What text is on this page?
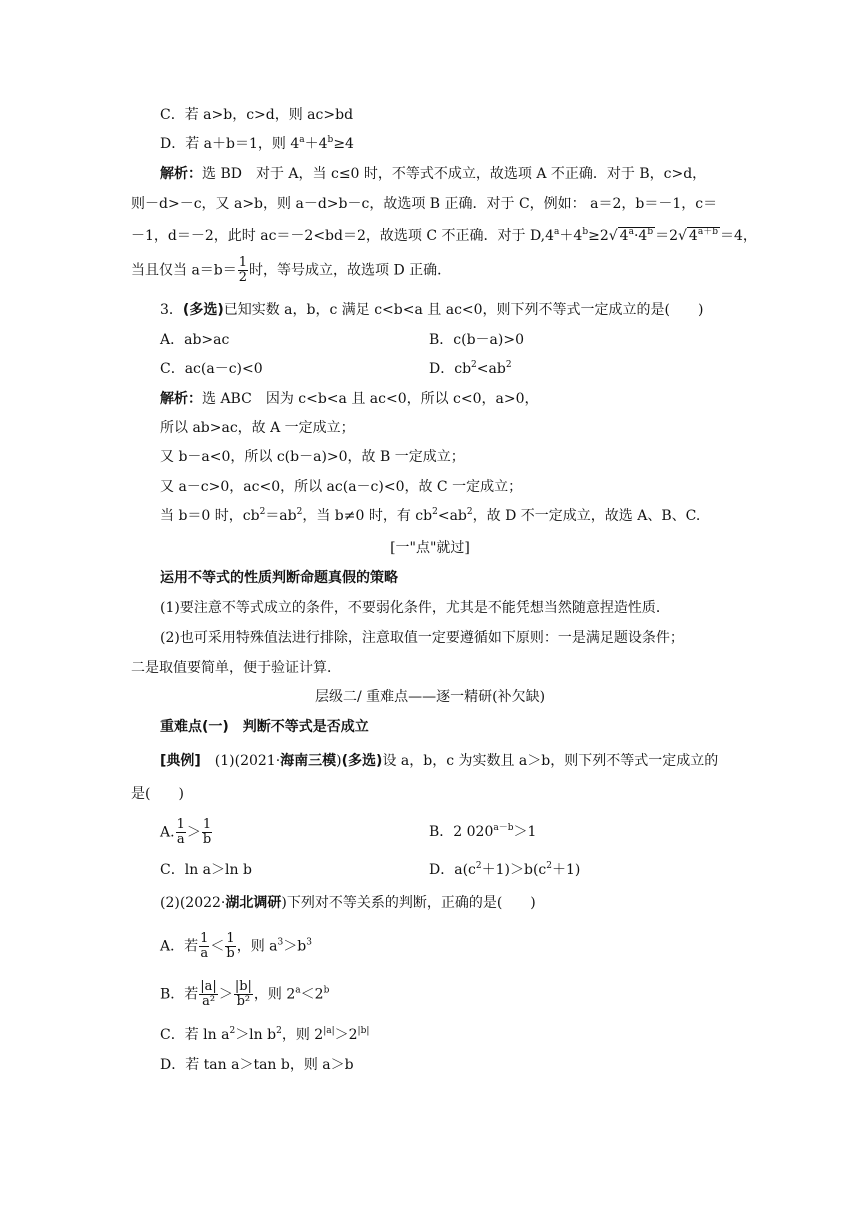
C．若 a>b，c>d，则 ac>bd
D．若 a＋b＝1，则 $4^a+4^b\ge 4$
解析：选 BD　对于 A，当 c≤0 时，不等式不成立，故选项 A 不正确．对于 B，c>d，
则－d>－c，又 a>b，则 a－d>b－c，故选项 B 正确．对于 C，例如： a＝2，b＝－1，c＝
－1，d＝－2，此时 ac＝－2<bd＝2，故选项 C 不正确．对于 $D,4^a+4^b\ge 2√$ $4^a\cdot 4^b =2√$ $4^{a+b} =4$，
当且仅当 $a=b= \frac{1}{2}$ 时，等号成立，故选项 D 正确．
3．(多选)已知实数 a，b，c 满足 c<b<a 且 ac<0，则下列不等式一定成立的是(　　)
A．ab>ac	B．c(b－a)>0
C．ac(a－c)<0	D．$cb^2<ab^2$
解析：选 ABC　因为 c<b<a 且 ac<0，所以 c<0，a>0，
所以 ab>ac，故 A 一定成立；
又 b－a<0，所以 c(b－a)>0，故 B 一定成立；
又 a－c>0，ac<0，所以 ac(a－c)<0，故 C 一定成立；
当 b＝0 时，$cb^2=ab^2$，当 b≠0 时，有 $cb^2<ab^2$，故 D 不一定成立，故选 A、B、C.
[一"点"就过]
运用不等式的性质判断命题真假的策略
(1)要注意不等式成立的条件，不要弱化条件，尤其是不能凭想当然随意捏造性质．
(2)也可采用特殊值法进行排除，注意取值一定要遵循如下原则：一是满足题设条件；
二是取值要简单，便于验证计算．
层级二/ 重难点——逐一精研(补欠缺)
重难点(一)　判断不等式是否成立
[典例]　(1)(2021·海南三模)(多选)设 a，b，c 为实数且 a＞b，则下列不等式一定成立的
是(　　)
A. $\frac{1}{a} > \frac{1}{b}$	B．2 $020^{a-b}>1$
C．ln a＞ln b	D．$a(c^2+1)>b(c^2+1)$
(2)(2022·湖北调研)下列对不等关系的判断，正确的是(　　)
A．若 $\frac{1}{a} < \frac{1}{b}$ ，则 $a^3>b^3$
B．若 $\frac{|a|}{\text{a²}} > \frac{|b|}{\text{b²}}$ ，则 $2^a<2^b$
C．若 $\ln a^2>\ln$ $b^2$，则 $2^{|a|}>2^{|b|}$
D．若 tan a＞tan b，则 a＞b
